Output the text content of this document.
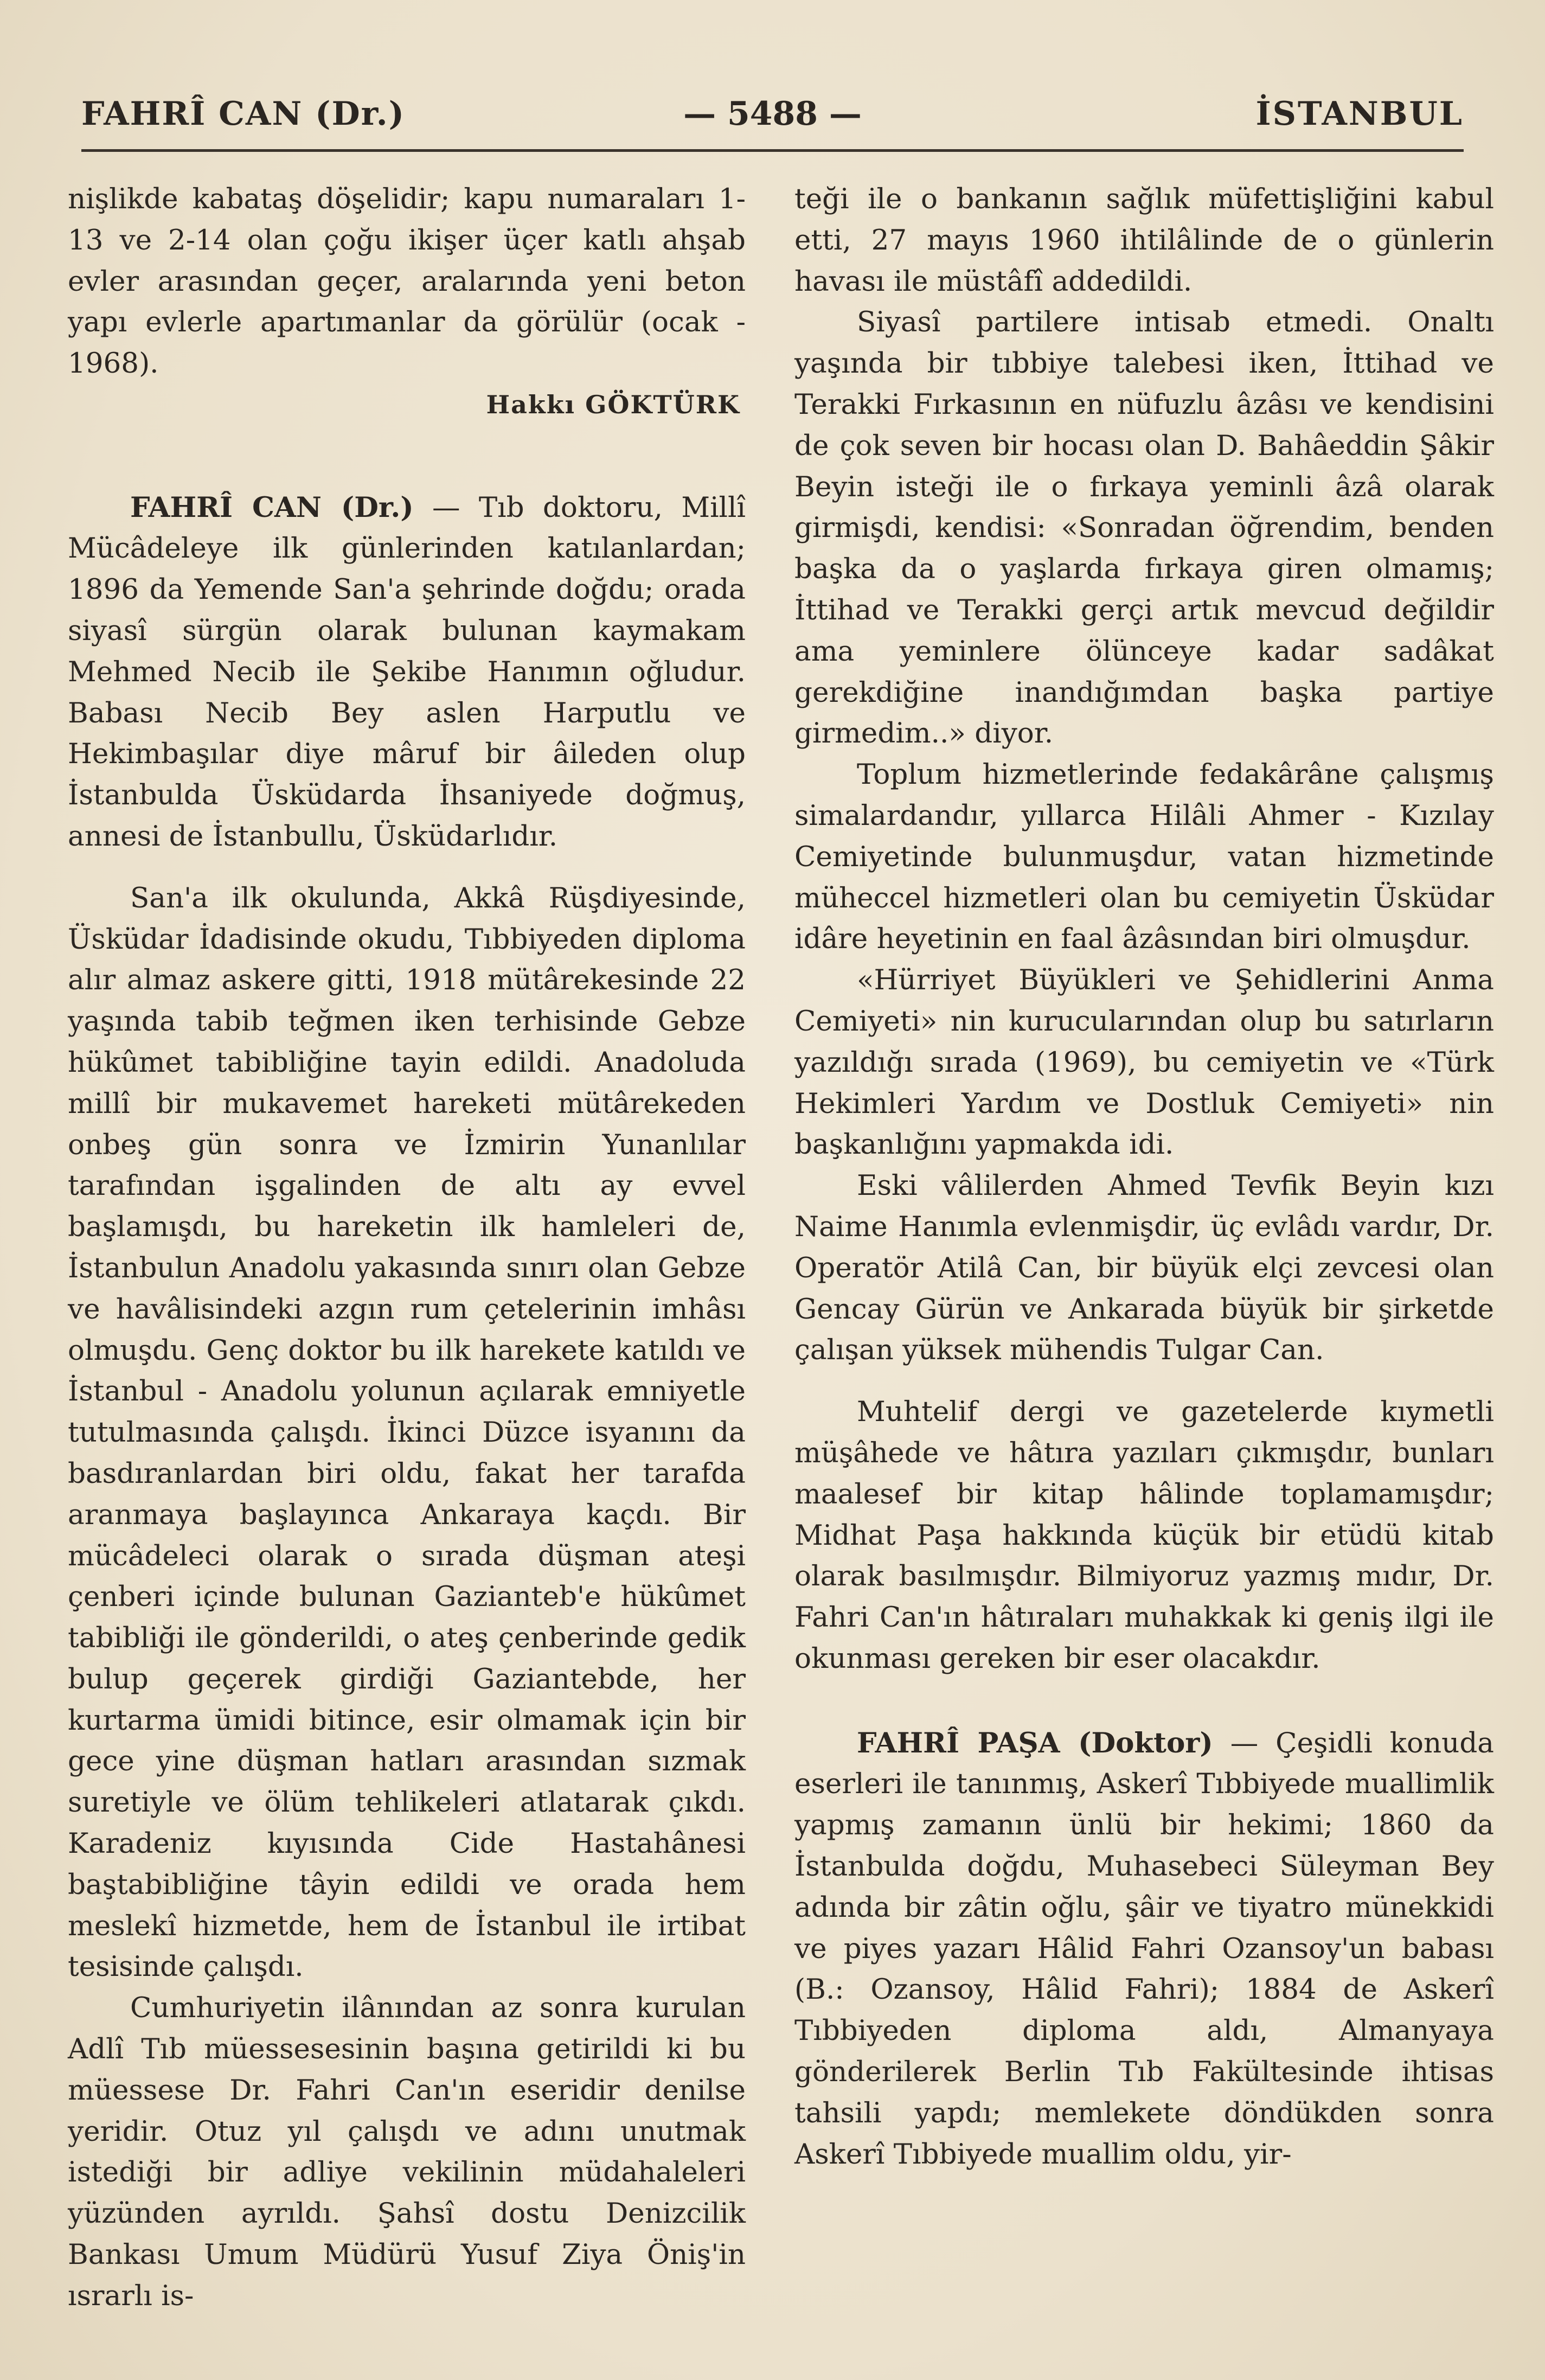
FAHRÎ CAN (Dr.)	— 5488 —	İSTANBUL

nişlikde kabataş döşelidir; kapu numaraları 1-13 ve 2-14 olan çoğu ikişer üçer katlı ahşab evler arasından geçer, aralarında yeni beton yapı evlerle apartımanlar da görülür (ocak - 1968).

Hakkı GÖKTÜRK

FAHRÎ CAN (Dr.) — Tıb doktoru, Millî Mücâdeleye ilk günlerinden katılanlardan; 1896 da Yemende San'a şehrinde doğdu; orada siyasî sürgün olarak bulunan kaymakam Mehmed Necib ile Şekibe Hanımın oğludur. Babası Necib Bey aslen Harputlu ve Hekimbaşılar diye mâruf bir âileden olup İstanbulda Üsküdarda İhsaniyede doğmuş, annesi de İstanbullu, Üsküdarlıdır.

San'a ilk okulunda, Akkâ Rüşdiyesinde, Üsküdar İdadisinde okudu, Tıbbiyeden diploma alır almaz askere gitti, 1918 mütârekesinde 22 yaşında tabib teğmen iken terhisinde Gebze hükûmet tabibliğine tayin edildi. Anadoluda millî bir mukavemet hareketi mütârekeden onbeş gün sonra ve İzmirin Yunanlılar tarafından işgalinden de altı ay evvel başlamışdı, bu hareketin ilk hamleleri de, İstanbulun Anadolu yakasında sınırı olan Gebze ve havâlisindeki azgın rum çetelerinin imhâsı olmuşdu. Genç doktor bu ilk harekete katıldı ve İstanbul - Anadolu yolunun açılarak emniyetle tutulmasında çalışdı. İkinci Düzce isyanını da basdıranlardan biri oldu, fakat her tarafda aranmaya başlayınca Ankaraya kaçdı. Bir mücâdeleci olarak o sırada düşman ateşi çenberi içinde bulunan Gazianteb'e hükûmet tabibliği ile gönderildi, o ateş çenberinde gedik bulup geçerek girdiği Gaziantebde, her kurtarma ümidi bitince, esir olmamak için bir gece yine düşman hatları arasından sızmak suretiyle ve ölüm tehlikeleri atlatarak çıkdı. Karadeniz kıyısında Cide Hastahânesi baştabibliğine tâyin edildi ve orada hem meslekî hizmetde, hem de İstanbul ile irtibat tesisinde çalışdı.

Cumhuriyetin ilânından az sonra kurulan Adlî Tıb müessesesinin başına getirildi ki bu müessese Dr. Fahri Can'ın eseridir denilse yeridir. Otuz yıl çalışdı ve adını unutmak istediği bir adliye vekilinin müdahaleleri yüzünden ayrıldı. Şahsî dostu Denizcilik Bankası Umum Müdürü Yusuf Ziya Öniş'in ısrarlı is-

teği ile o bankanın sağlık müfettişliğini kabul etti, 27 mayıs 1960 ihtilâlinde de o günlerin havası ile müstâfî addedildi.

Siyasî partilere intisab etmedi. Onaltı yaşında bir tıbbiye talebesi iken, İttihad ve Terakki Fırkasının en nüfuzlu âzâsı ve kendisini de çok seven bir hocası olan D. Bahâeddin Şâkir Beyin isteği ile o fırkaya yeminli âzâ olarak girmişdi, kendisi: «Sonradan öğrendim, benden başka da o yaşlarda fırkaya giren olmamış; İttihad ve Terakki gerçi artık mevcud değildir ama yeminlere ölünceye kadar sadâkat gerekdiğine inandığımdan başka partiye girmedim..» diyor.

Toplum hizmetlerinde fedakârâne çalışmış simalardandır, yıllarca Hilâli Ahmer - Kızılay Cemiyetinde bulunmuşdur, vatan hizmetinde müheccel hizmetleri olan bu cemiyetin Üsküdar idâre heyetinin en faal âzâsından biri olmuşdur.

«Hürriyet Büyükleri ve Şehidlerini Anma Cemiyeti» nin kurucularından olup bu satırların yazıldığı sırada (1969), bu cemiyetin ve «Türk Hekimleri Yardım ve Dostluk Cemiyeti» nin başkanlığını yapmakda idi.

Eski vâlilerden Ahmed Tevfik Beyin kızı Naime Hanımla evlenmişdir, üç evlâdı vardır, Dr. Operatör Atilâ Can, bir büyük elçi zevcesi olan Gencay Gürün ve Ankarada büyük bir şirketde çalışan yüksek mühendis Tulgar Can.

Muhtelif dergi ve gazetelerde kıymetli müşâhede ve hâtıra yazıları çıkmışdır, bunları maalesef bir kitap hâlinde toplamamışdır; Midhat Paşa hakkında küçük bir etüdü kitab olarak basılmışdır. Bilmiyoruz yazmış mıdır, Dr. Fahri Can'ın hâtıraları muhakkak ki geniş ilgi ile okunması gereken bir eser olacakdır.

FAHRÎ PAŞA (Doktor) — Çeşidli konuda eserleri ile tanınmış, Askerî Tıbbiyede muallimlik yapmış zamanın ünlü bir hekimi; 1860 da İstanbulda doğdu, Muhasebeci Süleyman Bey adında bir zâtin oğlu, şâir ve tiyatro münekkidi ve piyes yazarı Hâlid Fahri Ozansoy'un babası (B.: Ozansoy, Hâlid Fahri); 1884 de Askerî Tıbbiyeden diploma aldı, Almanyaya gönderilerek Berlin Tıb Fakültesinde ihtisas tahsili yapdı; memlekete döndükden sonra Askerî Tıbbiyede muallim oldu, yir-
